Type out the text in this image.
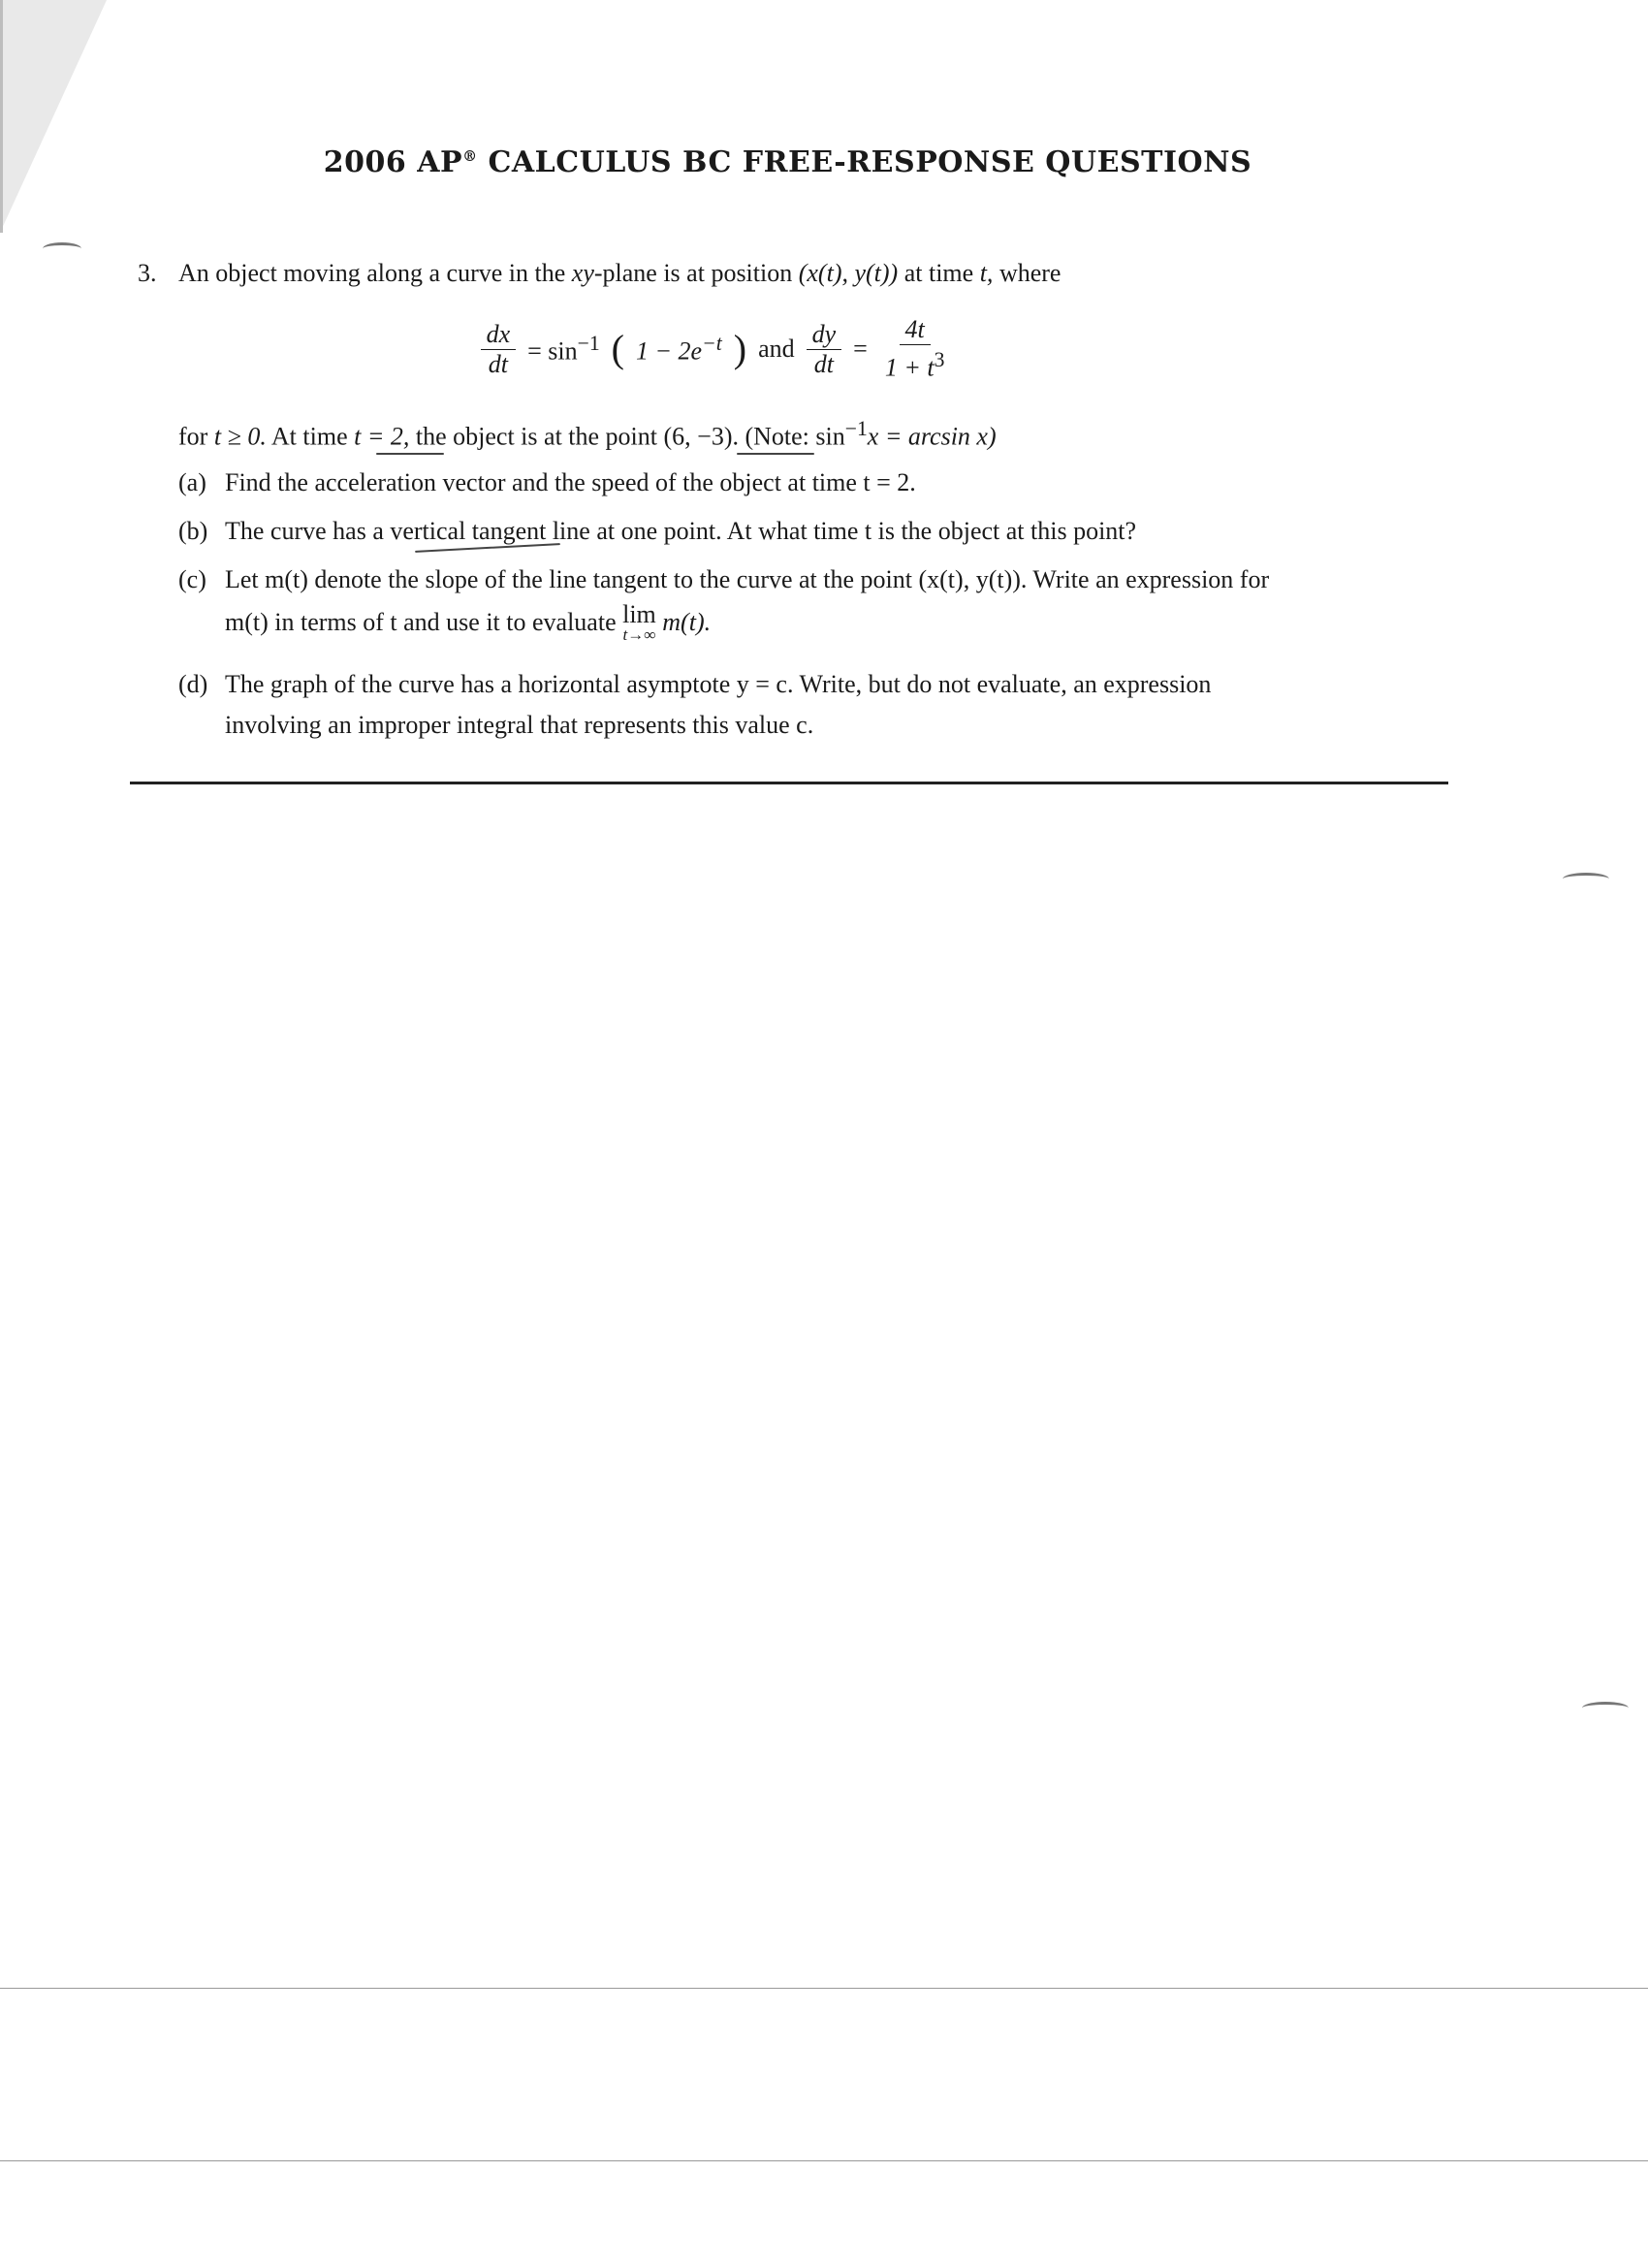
2006 AP® CALCULUS BC FREE-RESPONSE QUESTIONS
3. An object moving along a curve in the xy-plane is at position (x(t), y(t)) at time t, where
$\frac{dx}{dt} = \sin^{-1}$ ( $1 - 2e^{-t}$ ) and $\frac{dy}{dt} = \frac{4t}{1 + t^3}$
for t ≥ 0. At time t = 2, the object is at the point (6, −3). (Note: $\sin^{-1}x = \arcsin x$)
(a) Find the acceleration vector and the speed of the object at time t = 2.
(b) The curve has a vertical tangent line at one point. At what time t is the object at this point?
(c) Let m(t) denote the slope of the line tangent to the curve at the point (x(t), y(t)). Write an expression for
m(t) in terms of t and use it to evaluate lim
t→∞ m(t).
(d) The graph of the curve has a horizontal asymptote y = c. Write, but do not evaluate, an expression
involving an improper integral that represents this value c.
